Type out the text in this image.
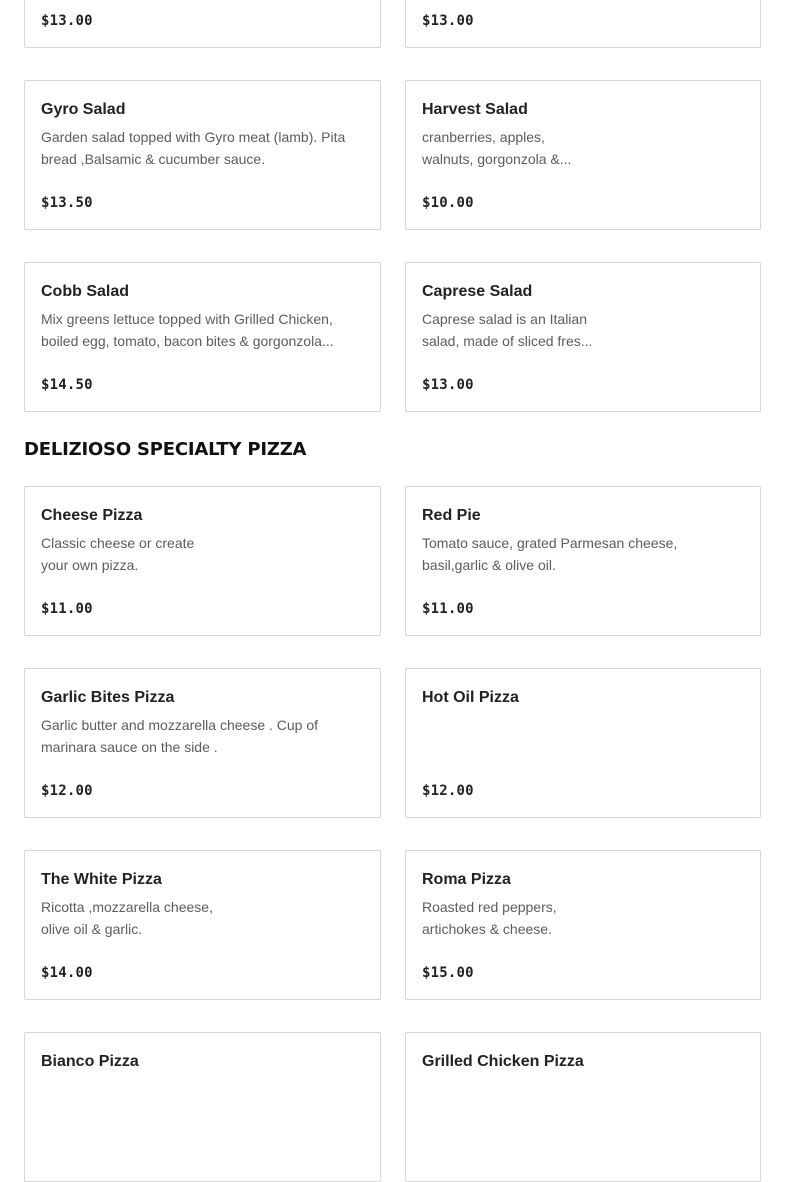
$13.00	$13.00
Gyro Salad
Garden salad topped with Gyro meat (lamb). Pita
bread ,Balsamic & cucumber sauce.
$13.50
Harvest Salad
cranberries, apples,
walnuts, gorgonzola &...
$10.00
Cobb Salad
Mix greens lettuce topped with Grilled Chicken,
boiled egg, tomato, bacon bites & gorgonzola...
$14.50
Caprese Salad
Caprese salad is an Italian
salad, made of sliced fres...
$13.00
DELIZIOSO SPECIALTY PIZZA
Cheese Pizza
Classic cheese or create
your own pizza.
$11.00
Red Pie
Tomato sauce, grated Parmesan cheese,
basil,garlic & olive oil.
$11.00
Garlic Bites Pizza
Garlic butter and mozzarella cheese . Cup of
marinara sauce on the side .
$12.00
Hot Oil Pizza
$12.00
The White Pizza
Ricotta ,mozzarella cheese,
olive oil & garlic.
$14.00
Roma Pizza
Roasted red peppers,
artichokes & cheese.
$15.00
Bianco Pizza	Grilled Chicken Pizza
